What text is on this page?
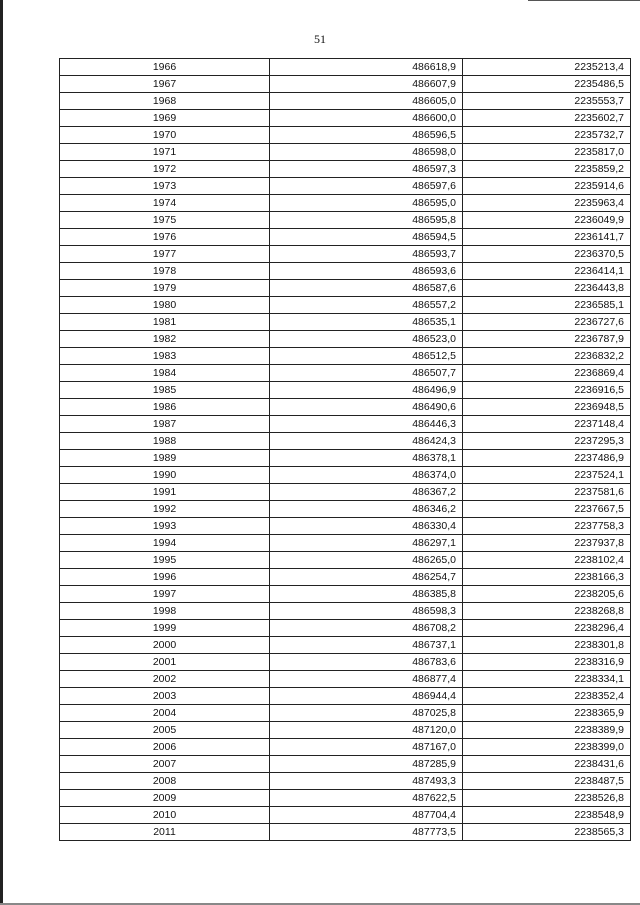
51
1966	486618,9	2235213,4
1967	486607,9	2235486,5
1968	486605,0	2235553,7
1969	486600,0	2235602,7
1970	486596,5	2235732,7
1971	486598,0	2235817,0
1972	486597,3	2235859,2
1973	486597,6	2235914,6
1974	486595,0	2235963,4
1975	486595,8	2236049,9
1976	486594,5	2236141,7
1977	486593,7	2236370,5
1978	486593,6	2236414,1
1979	486587,6	2236443,8
1980	486557,2	2236585,1
1981	486535,1	2236727,6
1982	486523,0	2236787,9
1983	486512,5	2236832,2
1984	486507,7	2236869,4
1985	486496,9	2236916,5
1986	486490,6	2236948,5
1987	486446,3	2237148,4
1988	486424,3	2237295,3
1989	486378,1	2237486,9
1990	486374,0	2237524,1
1991	486367,2	2237581,6
1992	486346,2	2237667,5
1993	486330,4	2237758,3
1994	486297,1	2237937,8
1995	486265,0	2238102,4
1996	486254,7	2238166,3
1997	486385,8	2238205,6
1998	486598,3	2238268,8
1999	486708,2	2238296,4
2000	486737,1	2238301,8
2001	486783,6	2238316,9
2002	486877,4	2238334,1
2003	486944,4	2238352,4
2004	487025,8	2238365,9
2005	487120,0	2238389,9
2006	487167,0	2238399,0
2007	487285,9	2238431,6
2008	487493,3	2238487,5
2009	487622,5	2238526,8
2010	487704,4	2238548,9
2011	487773,5	2238565,3
